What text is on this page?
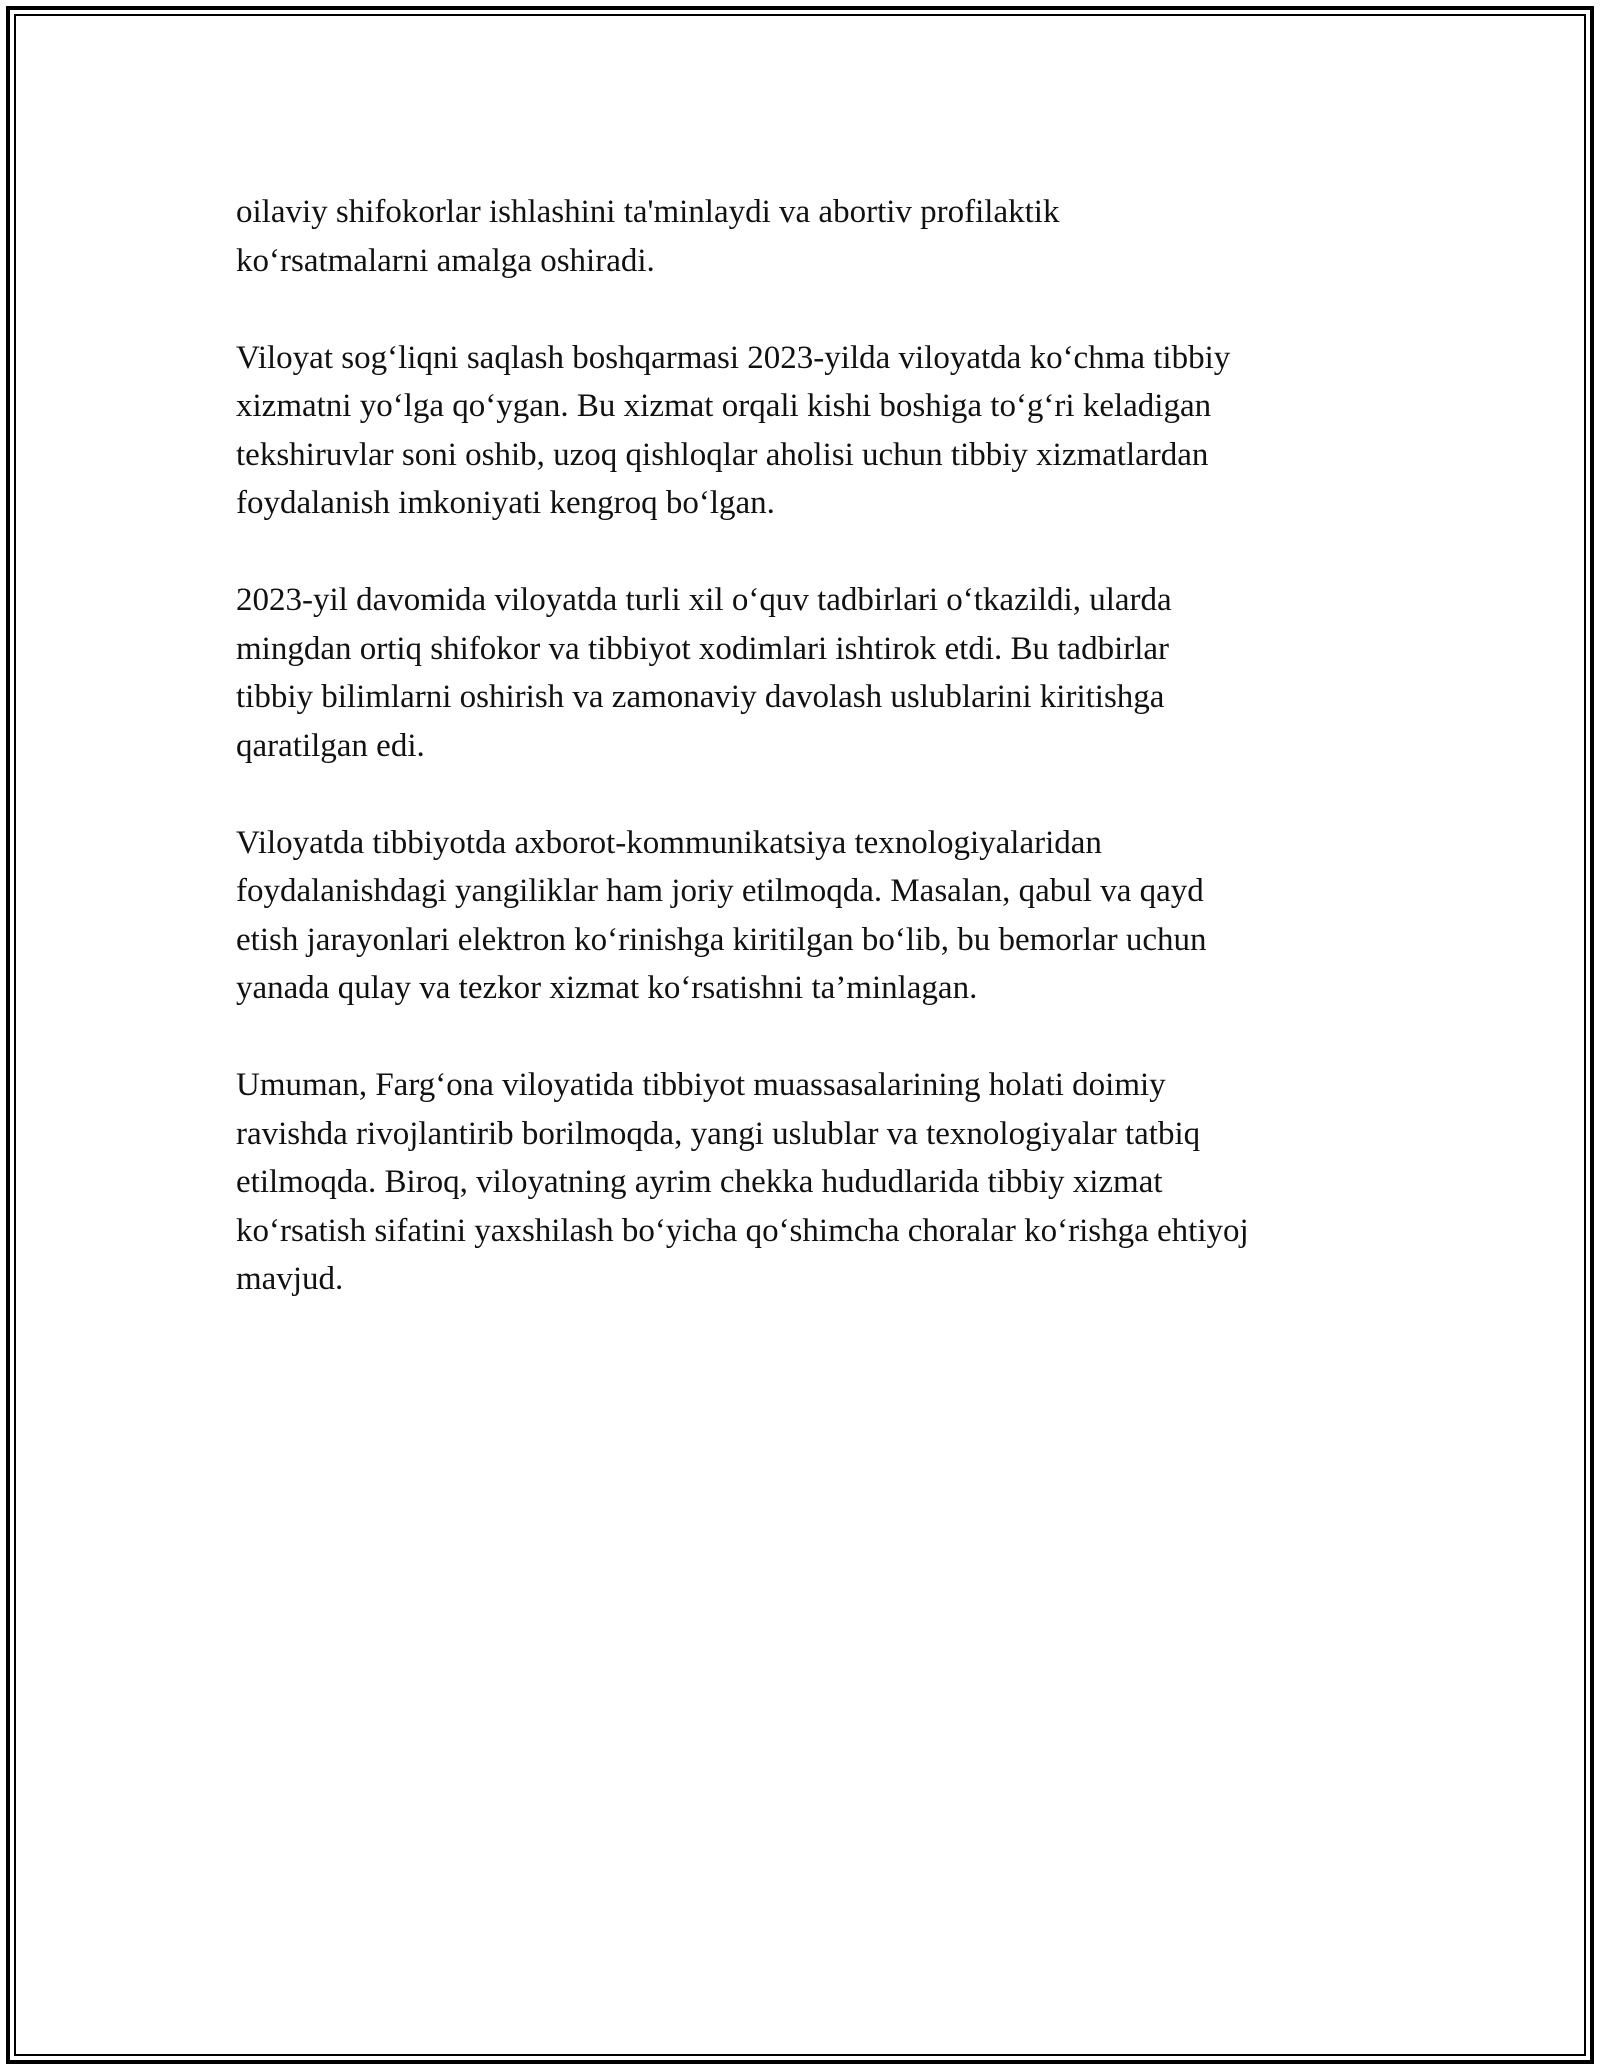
oilaviy shifokorlar ishlashini ta'minlaydi va abortiv profilaktik
ko‘rsatmalarni amalga oshiradi.

Viloyat sog‘liqni saqlash boshqarmasi 2023-yilda viloyatda ko‘chma tibbiy
xizmatni yo‘lga qo‘ygan. Bu xizmat orqali kishi boshiga to‘g‘ri keladigan
tekshiruvlar soni oshib, uzoq qishloqlar aholisi uchun tibbiy xizmatlardan
foydalanish imkoniyati kengroq bo‘lgan.

2023-yil davomida viloyatda turli xil o‘quv tadbirlari o‘tkazildi, ularda
mingdan ortiq shifokor va tibbiyot xodimlari ishtirok etdi. Bu tadbirlar
tibbiy bilimlarni oshirish va zamonaviy davolash uslublarini kiritishga
qaratilgan edi.

Viloyatda tibbiyotda axborot-kommunikatsiya texnologiyalaridan
foydalanishdagi yangiliklar ham joriy etilmoqda. Masalan, qabul va qayd
etish jarayonlari elektron ko‘rinishga kiritilgan bo‘lib, bu bemorlar uchun
yanada qulay va tezkor xizmat ko‘rsatishni ta’minlagan.

Umuman, Farg‘ona viloyatida tibbiyot muassasalarining holati doimiy
ravishda rivojlantirib borilmoqda, yangi uslublar va texnologiyalar tatbiq
etilmoqda. Biroq, viloyatning ayrim chekka hududlarida tibbiy xizmat
ko‘rsatish sifatini yaxshilash bo‘yicha qo‘shimcha choralar ko‘rishga ehtiyoj
mavjud.
